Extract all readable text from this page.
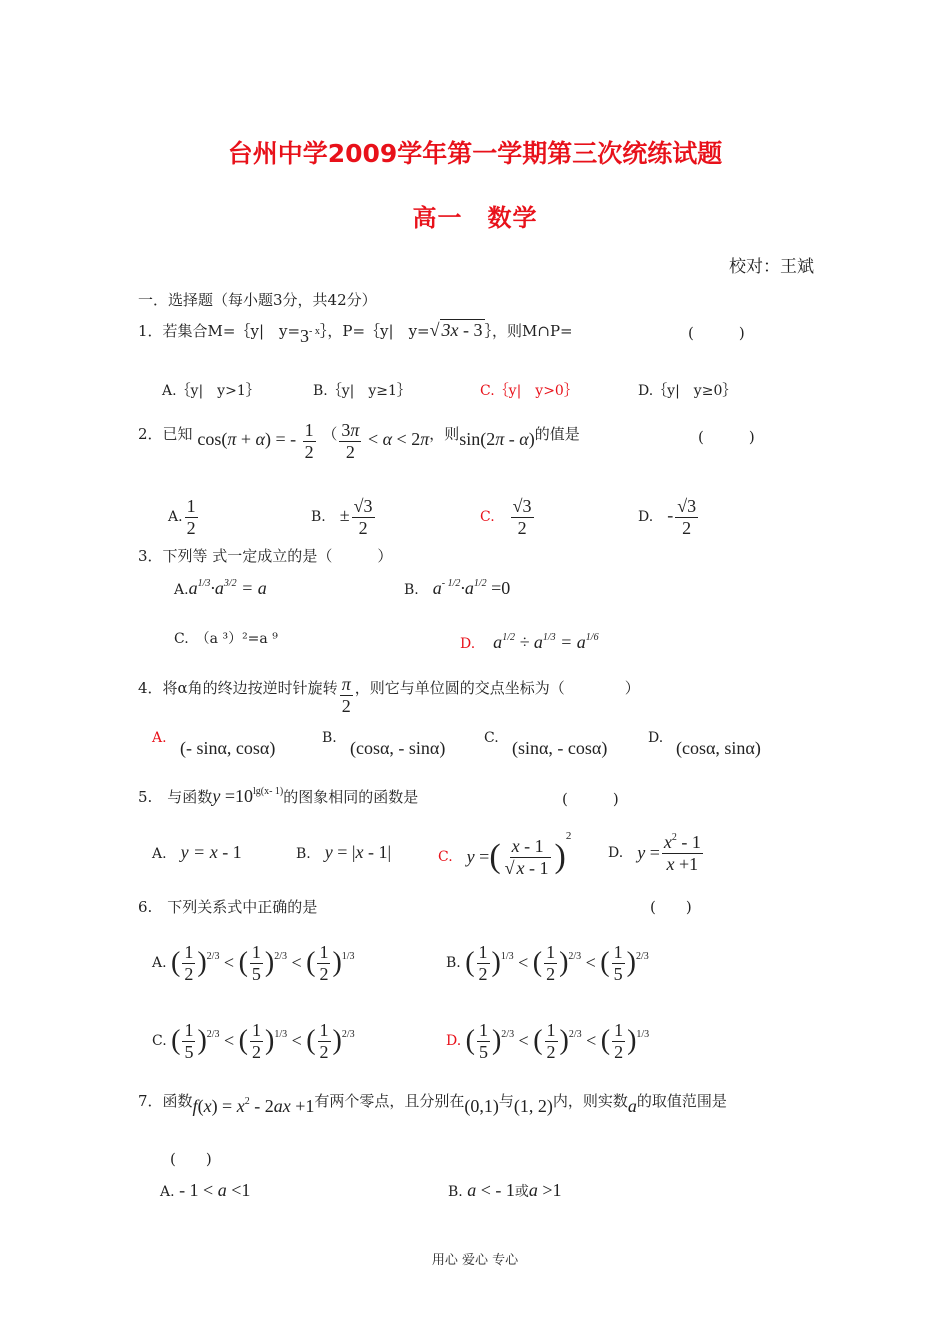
台州中学2009学年第一学期第三次统练试题
高一　数学
校对：王斌
一．选择题（每小题3分，共42分）
1．若集合M=｛y|　$y=3^{- x}\}$，P=｛y|　y=√ 3x - 3 ｝，则M∩P=	(　　　)
A.｛y|　y>1｝	B.｛y|　y≥1｝	C.｛y|　y>0｝	D.｛y|　y≥0｝
2．已知 cos(π + α) = - $\frac{1}{2}$ （ $\frac{3\pi}{2} < \alpha < 2\pi$，则sin(2π - α)的值是	(　　　)
A. $\frac{1}{2}$	B.　 ± $\frac{√3}{2}$	C.　 $\frac{√3}{2}$	D.　 - $\frac{√3}{2}$
3．下列等 式一定成立的是（　　　）
$A.a^{1/3}\cdot a^{3/2} = a$	B.　 $a^{- 1/2}\cdot a^{1/2} =0$
C.　（a ³）²=a ⁹	D.　$a^{1/2} \div a^{1/3} = a^{1/6}$
4．将α角的终边按逆时针旋转 $\frac{\pi}{2}$ ，则它与单位圆的交点坐标为（　　　　）
A. (- sinα, cosα)	B. (cosα, - sinα)	C. (sinα, - cosα)	D. (cosα, sinα)
5.　与函数$y =10^{lg(x- 1)}$的图象相同的函数是	(　　　)
A.　 y = x - 1	B.　 y = |x - 1|	C.　 y =( $\frac{x - 1}{√ x - 1} )^2$
D.　 $y = \frac{x^2 - 1}{x +1}$
6.　下列关系式中正确的是	(　　)
A. ( $\frac{1}{2} )^{2/3}$ < ( $\frac{1}{5} )^{2/3}$ < ( $\frac{1}{2} )^{1/3}$	B. ( $\frac{1}{2} )^{1/3}$ < ( $\frac{1}{2} )^{2/3}$ < ( $\frac{1}{5} )^{2/3}$
C. ( $\frac{1}{5} )^{2/3}$ < ( $\frac{1}{2} )^{1/3}$ < ( $\frac{1}{2} )^{2/3}$	D. ( $\frac{1}{5} )^{2/3}$ < ( $\frac{1}{2} )^{2/3}$ < ( $\frac{1}{2} )^{1/3}$
7．函数$f(x) = x^2 - 2ax +1$有两个零点，且分别在(0,1)与(1, 2)内，则实数a的取值范围是
(　　)
A. - 1 < a <1	B. a < - 1或a >1
用心 爱心 专心
